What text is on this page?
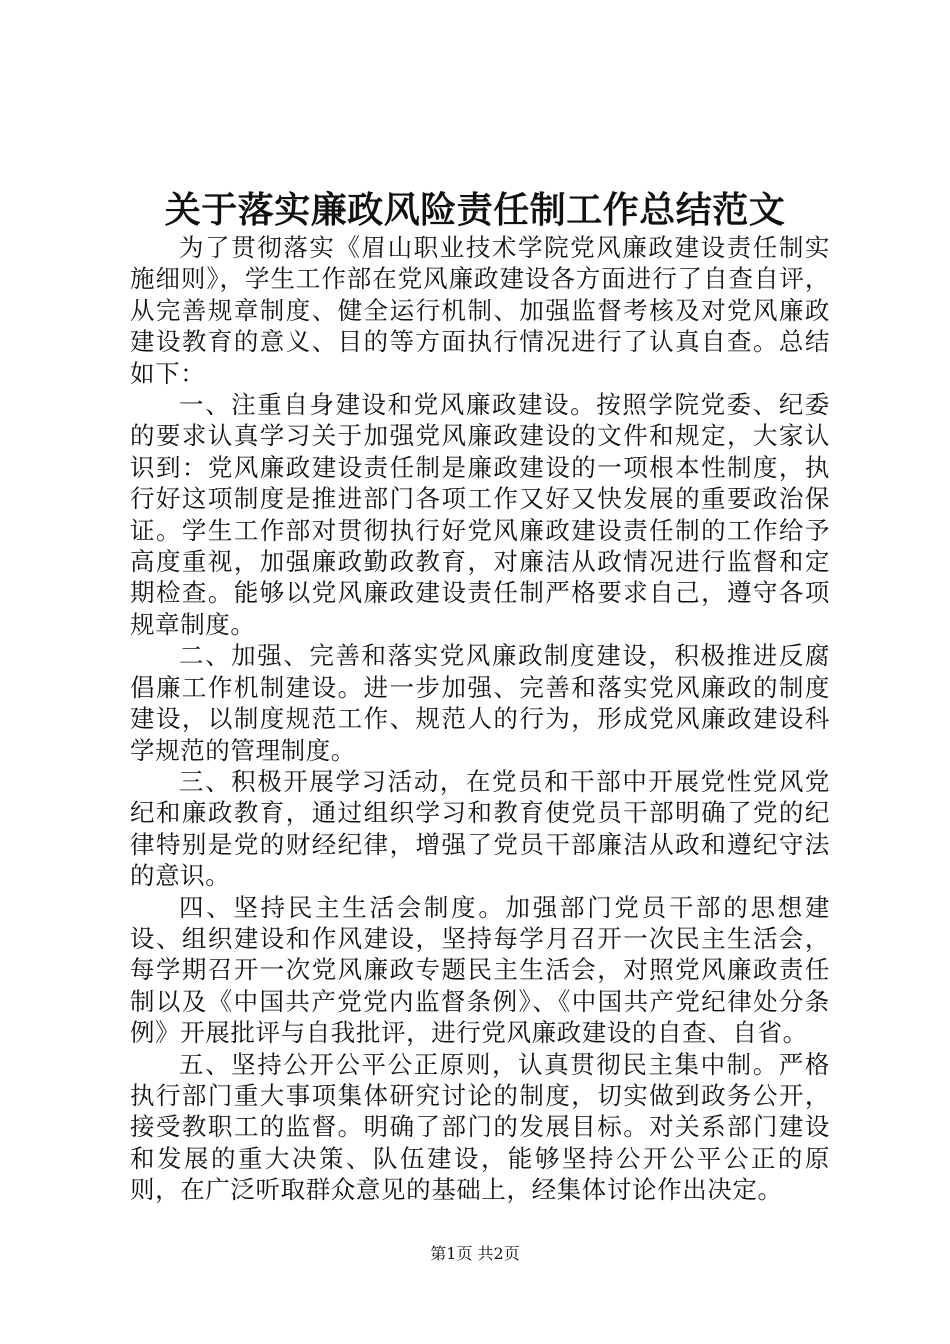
关于落实廉政风险责任制工作总结范文

为了贯彻落实《眉山职业技术学院党风廉政建设责任制实施细则》，学生工作部在党风廉政建设各方面进行了自查自评，从完善规章制度、健全运行机制、加强监督考核及对党风廉政建设教育的意义、目的等方面执行情况进行了认真自查。总结如下：

一、注重自身建设和党风廉政建设。按照学院党委、纪委的要求认真学习关于加强党风廉政建设的文件和规定，大家认识到：党风廉政建设责任制是廉政建设的一项根本性制度，执行好这项制度是推进部门各项工作又好又快发展的重要政治保证。学生工作部对贯彻执行好党风廉政建设责任制的工作给予高度重视，加强廉政勤政教育，对廉洁从政情况进行监督和定期检查。能够以党风廉政建设责任制严格要求自己，遵守各项规章制度。

二、加强、完善和落实党风廉政制度建设，积极推进反腐倡廉工作机制建设。进一步加强、完善和落实党风廉政的制度建设，以制度规范工作、规范人的行为，形成党风廉政建设科学规范的管理制度。

三、积极开展学习活动，在党员和干部中开展党性党风党纪和廉政教育，通过组织学习和教育使党员干部明确了党的纪律特别是党的财经纪律，增强了党员干部廉洁从政和遵纪守法的意识。

四、坚持民主生活会制度。加强部门党员干部的思想建设、组织建设和作风建设，坚持每学月召开一次民主生活会，每学期召开一次党风廉政专题民主生活会，对照党风廉政责任制以及《中国共产党党内监督条例》、《中国共产党纪律处分条例》开展批评与自我批评，进行党风廉政建设的自查、自省。

五、坚持公开公平公正原则，认真贯彻民主集中制。严格执行部门重大事项集体研究讨论的制度，切实做到政务公开，接受教职工的监督。明确了部门的发展目标。对关系部门建设和发展的重大决策、队伍建设，能够坚持公开公平公正的原则，在广泛听取群众意见的基础上，经集体讨论作出决定。

第1页 共2页
